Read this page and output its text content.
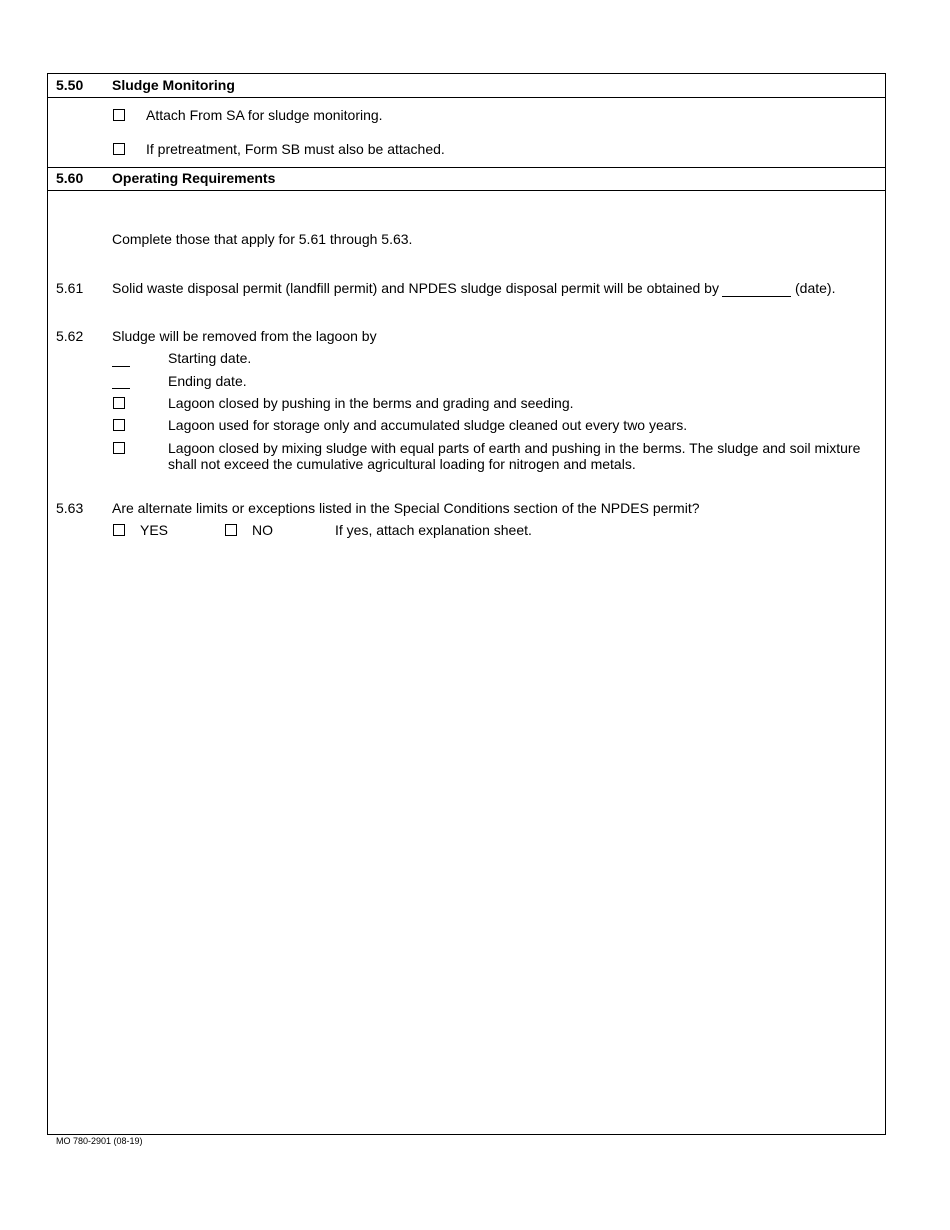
5.50 Sludge Monitoring
Attach From SA for sludge monitoring.
If pretreatment, Form SB must also be attached.
5.60 Operating Requirements
Complete those that apply for 5.61 through 5.63.
5.61 Solid waste disposal permit (landfill permit) and NPDES sludge disposal permit will be obtained by	(date).
5.62 Sludge will be removed from the lagoon by
Starting date.
Ending date.
Lagoon closed by pushing in the berms and grading and seeding.
Lagoon used for storage only and accumulated sludge cleaned out every two years.
Lagoon closed by mixing sludge with equal parts of earth and pushing in the berms. The sludge and soil mixture
shall not exceed the cumulative agricultural loading for nitrogen and metals.
5.63 Are alternate limits or exceptions listed in the Special Conditions section of the NPDES permit?
YES	NO	If yes, attach explanation sheet.
MO 780-2901 (08-19)
